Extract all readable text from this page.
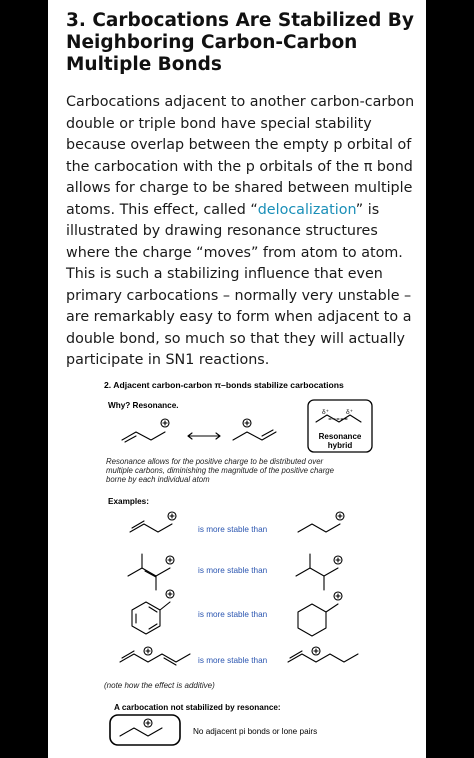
3. Carbocations Are Stabilized By Neighboring Carbon-Carbon Multiple Bonds

Carbocations adjacent to another carbon-carbon double or triple bond have special stability because overlap between the empty p orbital of the carbocation with the p orbitals of the π bond allows for charge to be shared between multiple atoms. This effect, called “delocalization” is illustrated by drawing resonance structures where the charge “moves” from atom to atom. This is such a stabilizing influence that even primary carbocations – normally very unstable – are remarkably easy to form when adjacent to a double bond, so much so that they will actually participate in SN1 reactions.

2. Adjacent carbon-carbon π–bonds stabilize carbocations
Why? Resonance.
δ⁺	δ⁺
Resonance
hybrid
Resonance allows for the positive charge to be distributed over
multiple carbons, diminishing the magnitude of the positive charge
borne by each individual atom
Examples:
is more stable than
is more stable than
is more stable than
is more stable than
(note how the effect is additive)
A carbocation not stabilized by resonance:
No adjacent pi bonds or lone pairs
